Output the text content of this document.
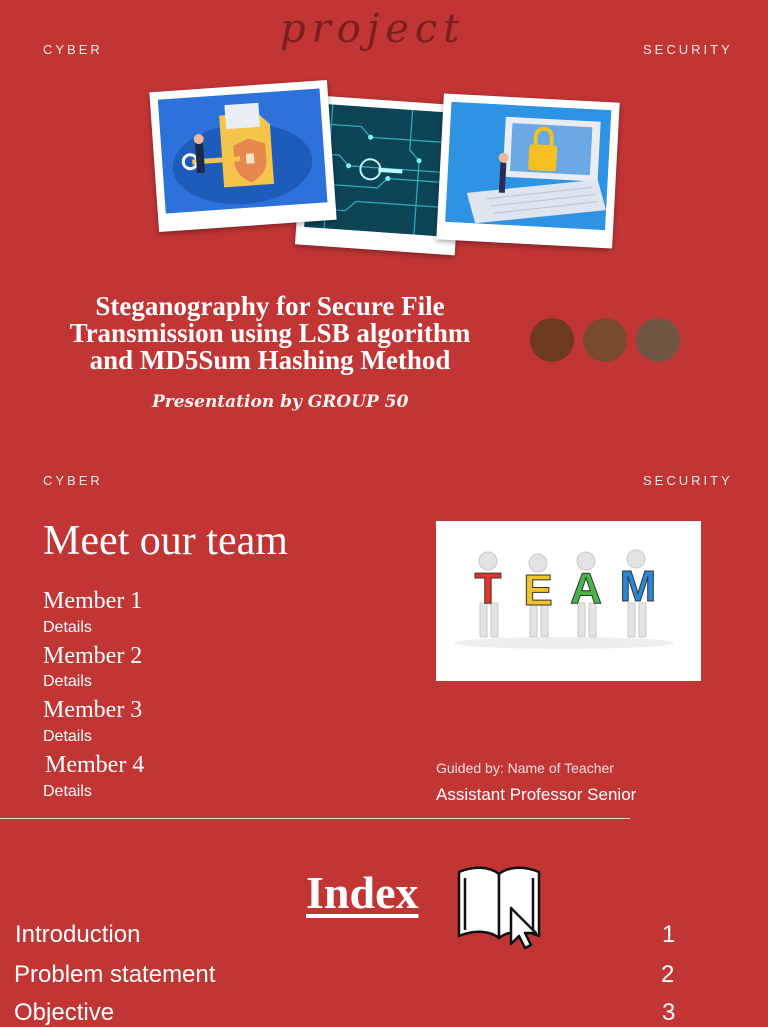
CYBER	SECURITY
project
Steganography for Secure File
Transmission using LSB algorithm
and MD5Sum Hashing Method
Presentation by GROUP 50
CYBER	SECURITY
Meet our team
Member 1
Details
Member 2
Details
Member 3
Details
Member 4
Details
T E A M
Guided by: Name of Teacher
Assistant Professor Senior
Index
Introduction	1
Problem statement	2
Objective	3
